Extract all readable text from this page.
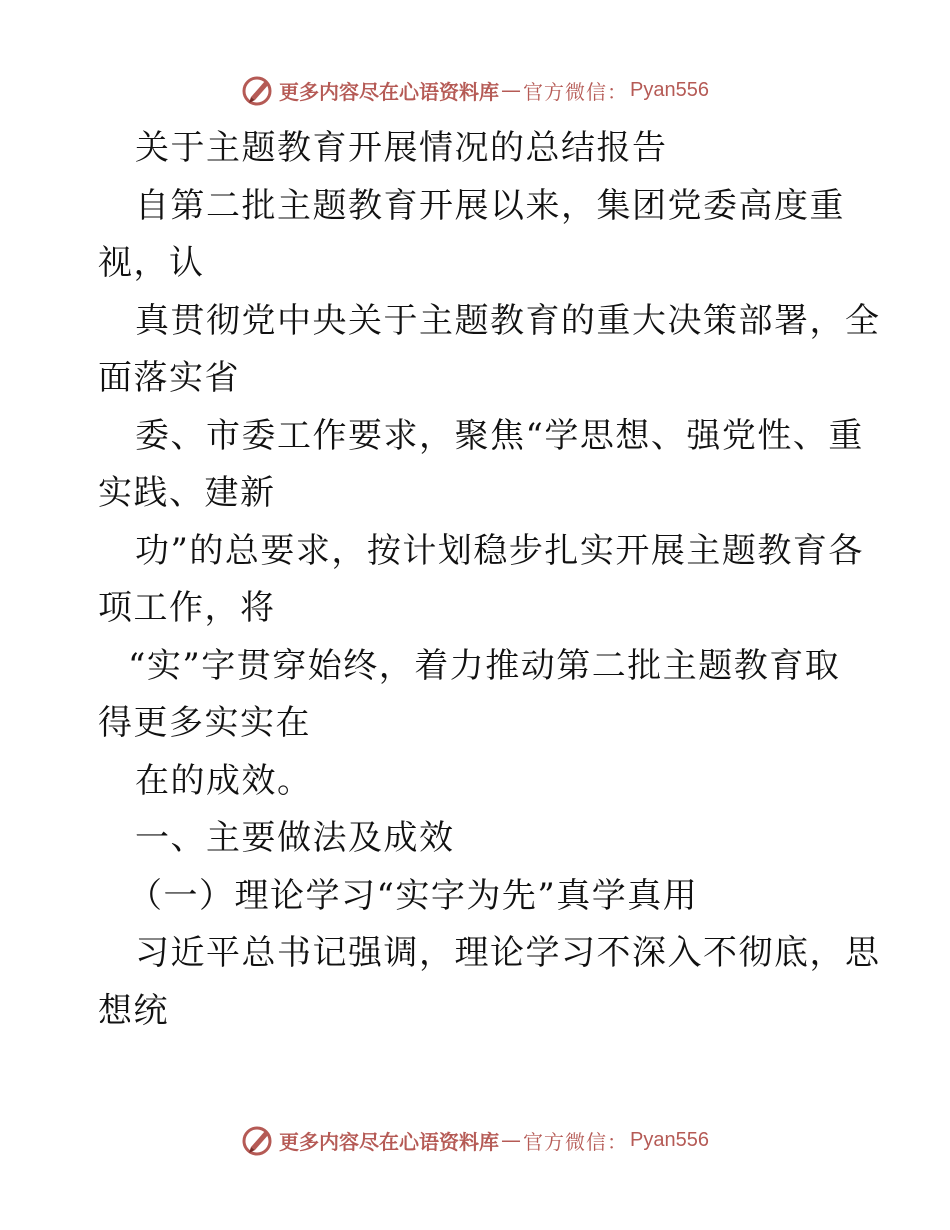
更多内容尽在心语资料库 — 官方微信： Pyan556
关于主题教育开展情况的总结报告
自第二批主题教育开展以来，集团党委高度重
视，认
真贯彻党中央关于主题教育的重大决策部署，全
面落实省
委、市委工作要求，聚焦“学思想、强党性、重
实践、建新
功”的总要求，按计划稳步扎实开展主题教育各
项工作，将
“实”字贯穿始终，着力推动第二批主题教育取
得更多实实在
在的成效。
一、主要做法及成效
（一）理论学习“实字为先”真学真用
习近平总书记强调，理论学习不深入不彻底，思
想统
更多内容尽在心语资料库 — 官方微信： Pyan556
